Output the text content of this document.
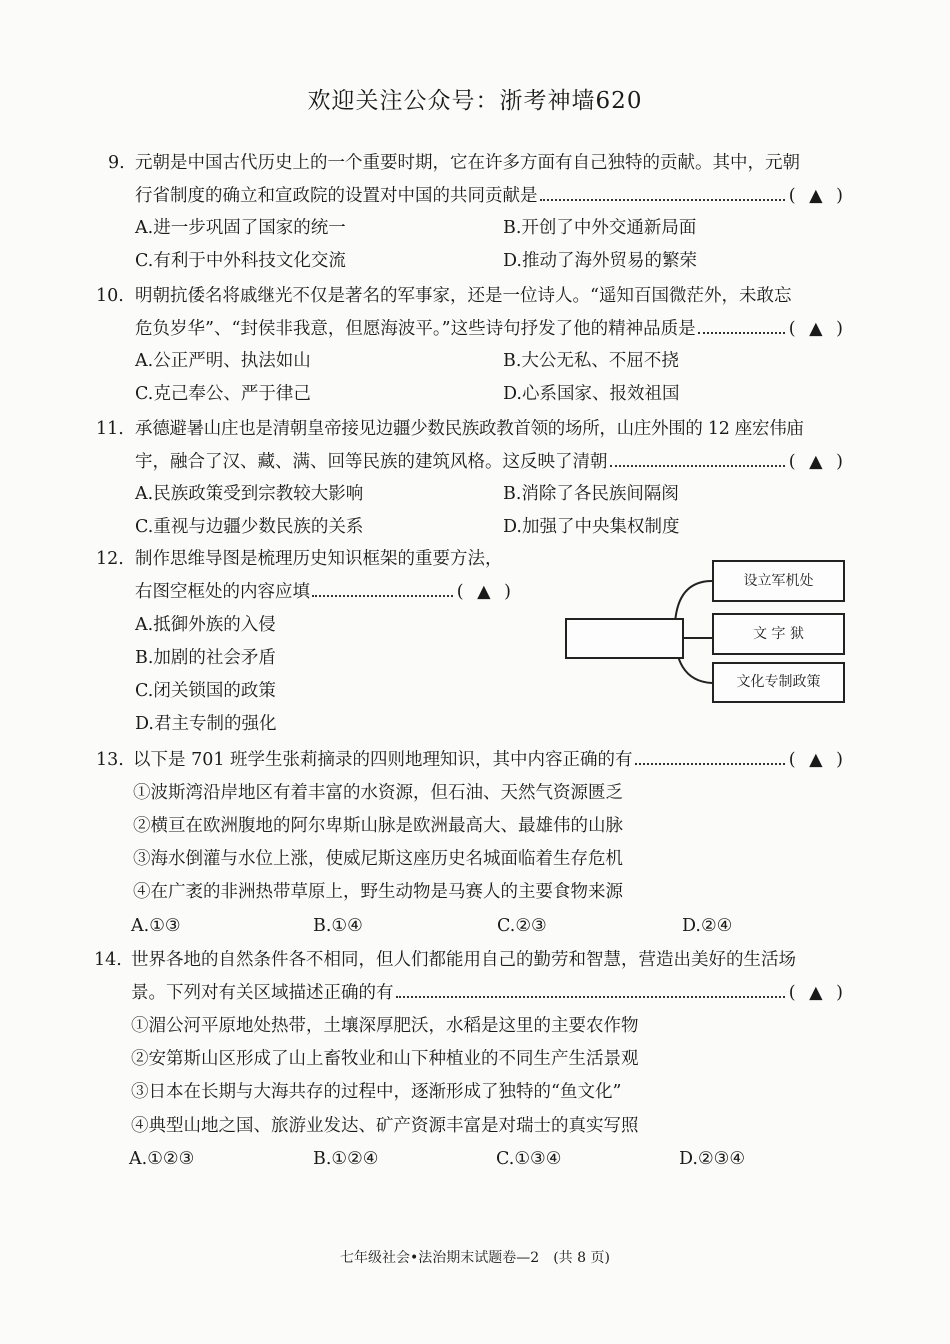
欢迎关注公众号：浙考神墙620
9. 元朝是中国古代历史上的一个重要时期，它在许多方面有自己独特的贡献。其中，元朝
行省制度的确立和宣政院的设置对中国的共同贡献是	( ▲ )
A.进一步巩固了国家的统一	B.开创了中外交通新局面
C.有利于中外科技文化交流	D.推动了海外贸易的繁荣
10. 明朝抗倭名将戚继光不仅是著名的军事家，还是一位诗人。“遥知百国微茫外，未敢忘
危负岁华”、“封侯非我意，但愿海波平。”这些诗句抒发了他的精神品质是	( ▲ )
A.公正严明、执法如山	B.大公无私、不屈不挠
C.克己奉公、严于律己	D.心系国家、报效祖国
11. 承德避暑山庄也是清朝皇帝接见边疆少数民族政教首领的场所，山庄外围的 12 座宏伟庙
宇，融合了汉、藏、满、回等民族的建筑风格。这反映了清朝	( ▲ )
A.民族政策受到宗教较大影响	B.消除了各民族间隔阂
C.重视与边疆少数民族的关系	D.加强了中央集权制度
12. 制作思维导图是梳理历史知识框架的重要方法，
右图空框处的内容应填	( ▲ )
A.抵御外族的入侵
B.加剧的社会矛盾
C.闭关锁国的政策
D.君主专制的强化
设立军机处
文 字 狱
文化专制政策
13. 以下是 701 班学生张莉摘录的四则地理知识，其中内容正确的有	( ▲ )
①波斯湾沿岸地区有着丰富的水资源，但石油、天然气资源匮乏
②横亘在欧洲腹地的阿尔卑斯山脉是欧洲最高大、最雄伟的山脉
③海水倒灌与水位上涨，使威尼斯这座历史名城面临着生存危机
④在广袤的非洲热带草原上，野生动物是马赛人的主要食物来源
A.①③	B.①④	C.②③	D.②④
14. 世界各地的自然条件各不相同，但人们都能用自己的勤劳和智慧，营造出美好的生活场
景。下列对有关区域描述正确的有	( ▲ )
①湄公河平原地处热带，土壤深厚肥沃，水稻是这里的主要农作物
②安第斯山区形成了山上畜牧业和山下种植业的不同生产生活景观
③日本在长期与大海共存的过程中，逐渐形成了独特的“鱼文化”
④典型山地之国、旅游业发达、矿产资源丰富是对瑞士的真实写照
A.①②③	B.①②④	C.①③④	D.②③④
七年级社会•法治期末试题卷—2　(共 8 页)
